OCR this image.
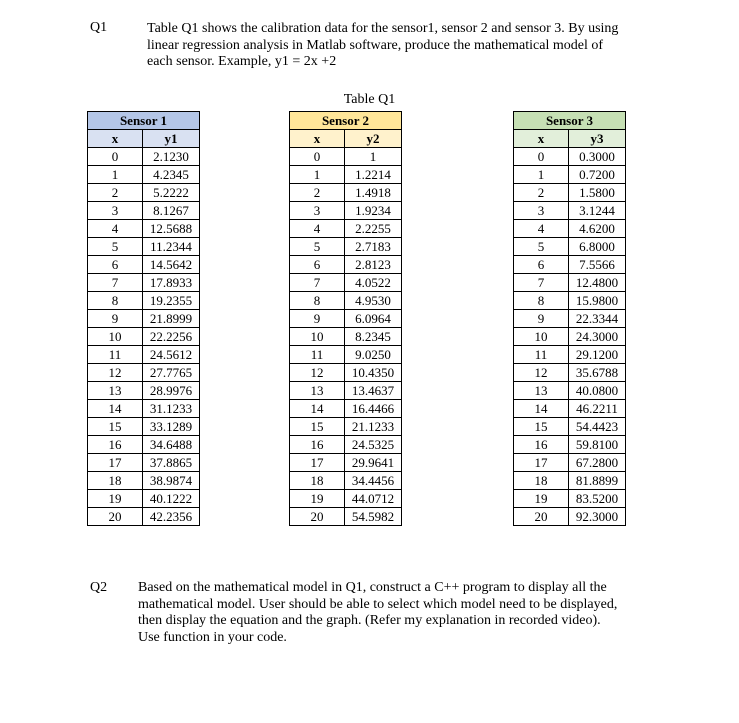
Q1	Table Q1 shows the calibration data for the sensor1, sensor 2 and sensor 3. By using
linear regression analysis in Matlab software, produce the mathematical model of
each sensor. Example, y1 = 2x +2
Table Q1
Sensor 1	
x	y1
0	2.1230
1	4.2345
2	5.2222
3	8.1267
4	12.5688
5	11.2344
6	14.5642
7	17.8933
8	19.2355
9	21.8999
10	22.2256
11	24.5612
12	27.7765
13	28.9976
14	31.1233
15	33.1289
16	34.6488
17	37.8865
18	38.9874
19	40.1222
20	42.2356
Sensor 2	
x	y2
0	1
1	1.2214
2	1.4918
3	1.9234
4	2.2255
5	2.7183
6	2.8123
7	4.0522
8	4.9530
9	6.0964
10	8.2345
11	9.0250
12	10.4350
13	13.4637
14	16.4466
15	21.1233
16	24.5325
17	29.9641
18	34.4456
19	44.0712
20	54.5982
Sensor 3	
x	y3
0	0.3000
1	0.7200
2	1.5800
3	3.1244
4	4.6200
5	6.8000
6	7.5566
7	12.4800
8	15.9800
9	22.3344
10	24.3000
11	29.1200
12	35.6788
13	40.0800
14	46.2211
15	54.4423
16	59.8100
17	67.2800
18	81.8899
19	83.5200
20	92.3000
Q2 Based on the mathematical model in Q1, construct a C++ program to display all the
mathematical model. User should be able to select which model need to be displayed,
then display the equation and the graph. (Refer my explanation in recorded video).
Use function in your code.
